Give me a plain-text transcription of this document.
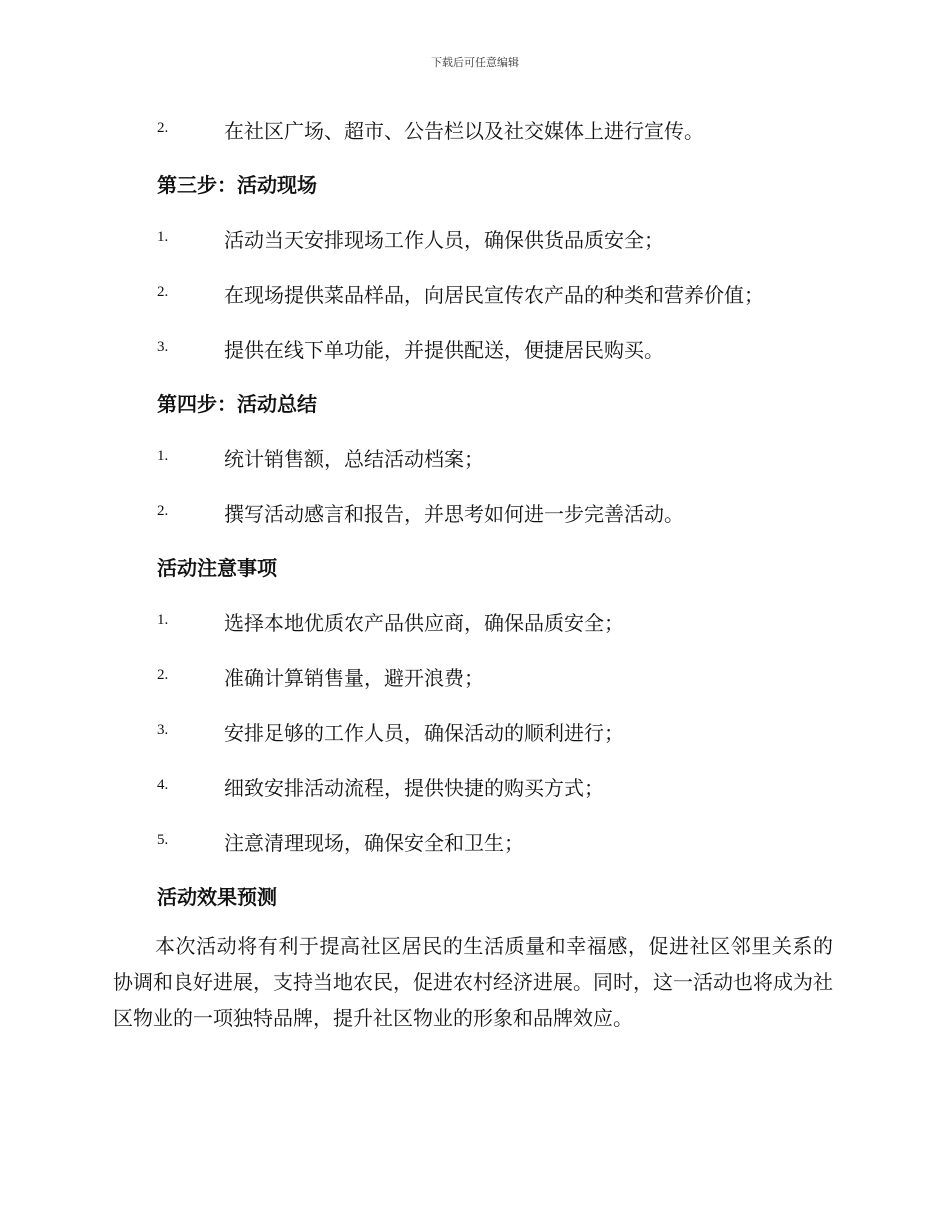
下载后可任意编辑
2.	在社区广场、超市、公告栏以及社交媒体上进行宣传。
第三步：活动现场
1.	活动当天安排现场工作人员，确保供货品质安全；
2.	在现场提供菜品样品，向居民宣传农产品的种类和营养价值；
3.	提供在线下单功能，并提供配送，便捷居民购买。
第四步：活动总结
1.	统计销售额，总结活动档案；
2.	撰写活动感言和报告，并思考如何进一步完善活动。
活动注意事项
1.	选择本地优质农产品供应商，确保品质安全；
2.	准确计算销售量，避开浪费；
3.	安排足够的工作人员，确保活动的顺利进行；
4.	细致安排活动流程，提供快捷的购买方式；
5.	注意清理现场，确保安全和卫生；
活动效果预测
本次活动将有利于提高社区居民的生活质量和幸福感，促进社区邻里关系的协调和良好进展，支持当地农民，促进农村经济进展。同时，这一活动也将成为社区物业的一项独特品牌，提升社区物业的形象和品牌效应。
